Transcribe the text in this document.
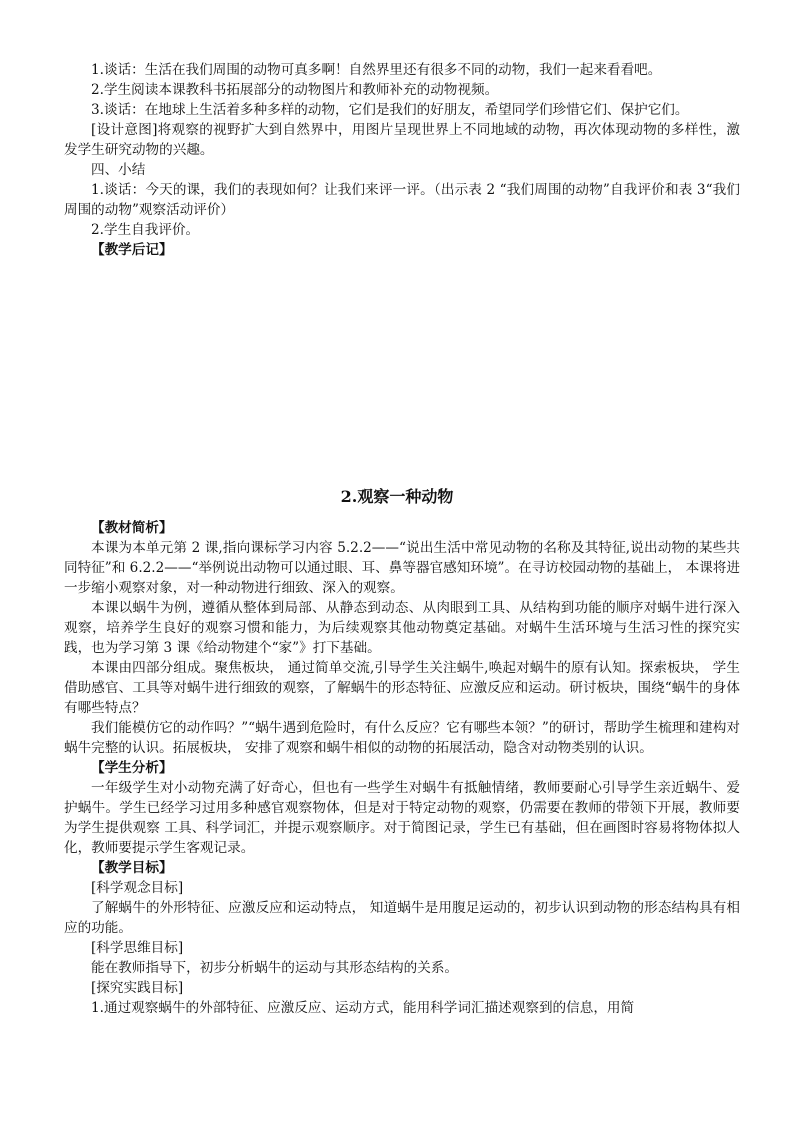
1.谈话：生活在我们周围的动物可真多啊！自然界里还有很多不同的动物，我们一起来看看吧。

2.学生阅读本课教科书拓展部分的动物图片和教师补充的动物视频。

3.谈话：在地球上生活着多种多样的动物，它们是我们的好朋友，希望同学们珍惜它们、保护它们。

[设计意图]将观察的视野扩大到自然界中，用图片呈现世界上不同地域的动物，再次体现动物的多样性，激发学生研究动物的兴趣。

四、小结

1.谈话：今天的课，我们的表现如何？让我们来评一评。（出示表 2 “我们周围的动物”自我评价和表 3“我们周围的动物”观察活动评价）

2.学生自我评价。

【教学后记】

2.观察一种动物

【教材简析】

本课为本单元第 2 课,指向课标学习内容 5.2.2——“说出生活中常见动物的名称及其特征,说出动物的某些共同特征”和 6.2.2——“举例说出动物可以通过眼、耳、鼻等器官感知环境”。在寻访校园动物的基础上， 本课将进一步缩小观察对象，对一种动物进行细致、深入的观察。

本课以蜗牛为例，遵循从整体到局部、从静态到动态、从肉眼到工具、从结构到功能的顺序对蜗牛进行深入观察，培养学生良好的观察习惯和能力，为后续观察其他动物奠定基础。对蜗牛生活环境与生活习性的探究实践，也为学习第 3 课《给动物建个“家”》打下基础。

本课由四部分组成。聚焦板块， 通过简单交流,引导学生关注蜗牛,唤起对蜗牛的原有认知。探索板块， 学生借助感官、工具等对蜗牛进行细致的观察，了解蜗牛的形态特征、应激反应和运动。研讨板块，围绕“蜗牛的身体有哪些特点？

我们能模仿它的动作吗？”“蜗牛遇到危险时，有什么反应？它有哪些本领？”的研讨，帮助学生梳理和建构对蜗牛完整的认识。拓展板块， 安排了观察和蜗牛相似的动物的拓展活动，隐含对动物类别的认识。

【学生分析】

一年级学生对小动物充满了好奇心，但也有一些学生对蜗牛有抵触情绪，教师要耐心引导学生亲近蜗牛、爱护蜗牛。学生已经学习过用多种感官观察物体，但是对于特定动物的观察，仍需要在教师的带领下开展，教师要为学生提供观察 工具、科学词汇，并提示观察顺序。对于简图记录，学生已有基础，但在画图时容易将物体拟人化，教师要提示学生客观记录。

【教学目标】

[科学观念目标]

了解蜗牛的外形特征、应激反应和运动特点， 知道蜗牛是用腹足运动的，初步认识到动物的形态结构具有相应的功能。

[科学思维目标]

能在教师指导下，初步分析蜗牛的运动与其形态结构的关系。

[探究实践目标]

1.通过观察蜗牛的外部特征、应激反应、运动方式，能用科学词汇描述观察到的信息，用简
